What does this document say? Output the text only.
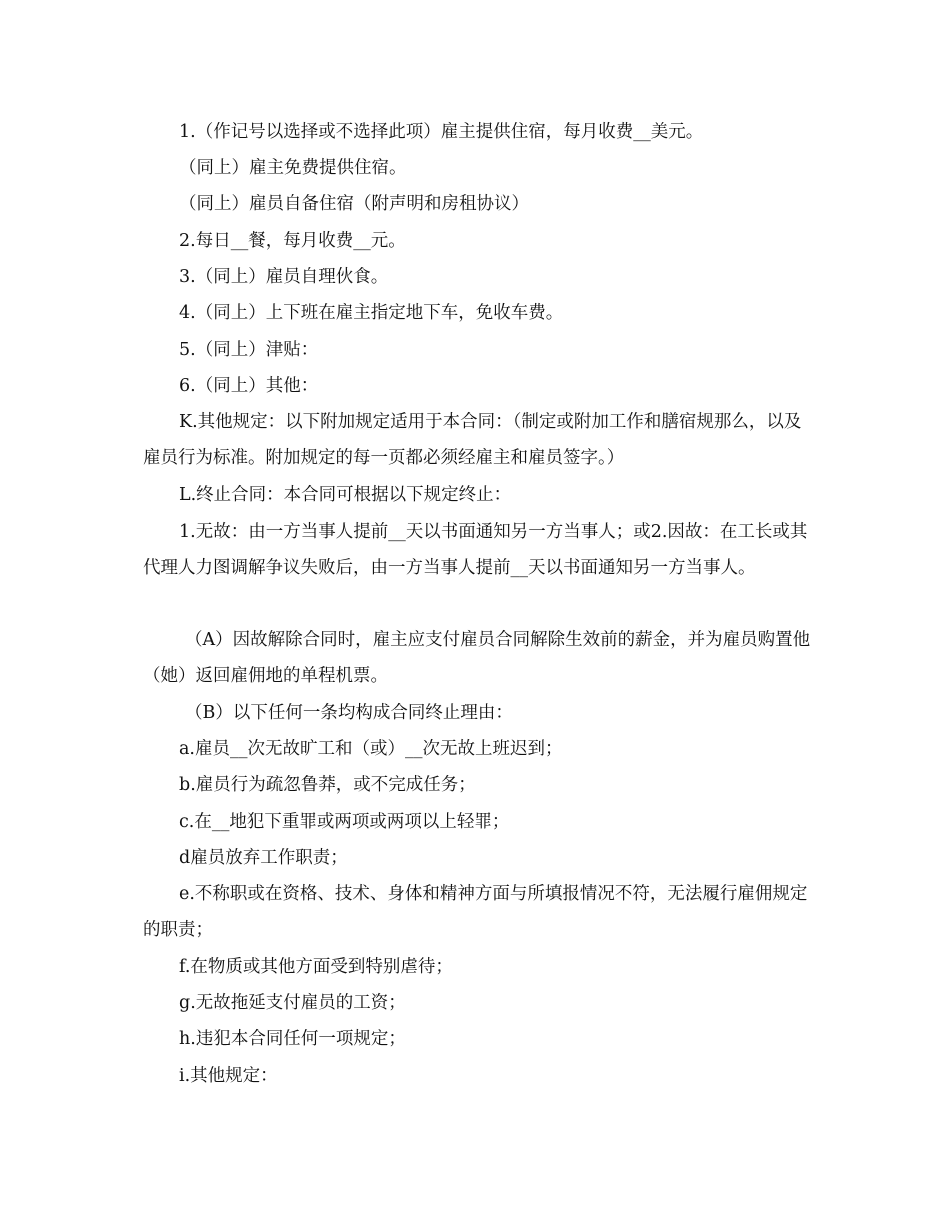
1.（作记号以选择或不选择此项）雇主提供住宿，每月收费__美元。

（同上）雇主免费提供住宿。

（同上）雇员自备住宿（附声明和房租协议）

2.每日__餐，每月收费__元。

3.（同上）雇员自理伙食。

4.（同上）上下班在雇主指定地下车，免收车费。

5.（同上）津贴：

6.（同上）其他：

K.其他规定：以下附加规定适用于本合同：（制定或附加工作和膳宿规那么，以及雇员行为标准。附加规定的每一页都必须经雇主和雇员签字。）

L.终止合同：本合同可根据以下规定终止：

1.无故：由一方当事人提前__天以书面通知另一方当事人；或2.因故：在工长或其代理人力图调解争议失败后，由一方当事人提前__天以书面通知另一方当事人。

（A）因故解除合同时，雇主应支付雇员合同解除生效前的薪金，并为雇员购置他（她）返回雇佣地的单程机票。

（B）以下任何一条均构成合同终止理由：

a.雇员__次无故旷工和（或）__次无故上班迟到；

b.雇员行为疏忽鲁莽，或不完成任务；

c.在__地犯下重罪或两项或两项以上轻罪；

d雇员放弃工作职责；

e.不称职或在资格、技术、身体和精神方面与所填报情况不符，无法履行雇佣规定的职责；

f.在物质或其他方面受到特别虐待；

g.无故拖延支付雇员的工资；

h.违犯本合同任何一项规定；

i.其他规定：
